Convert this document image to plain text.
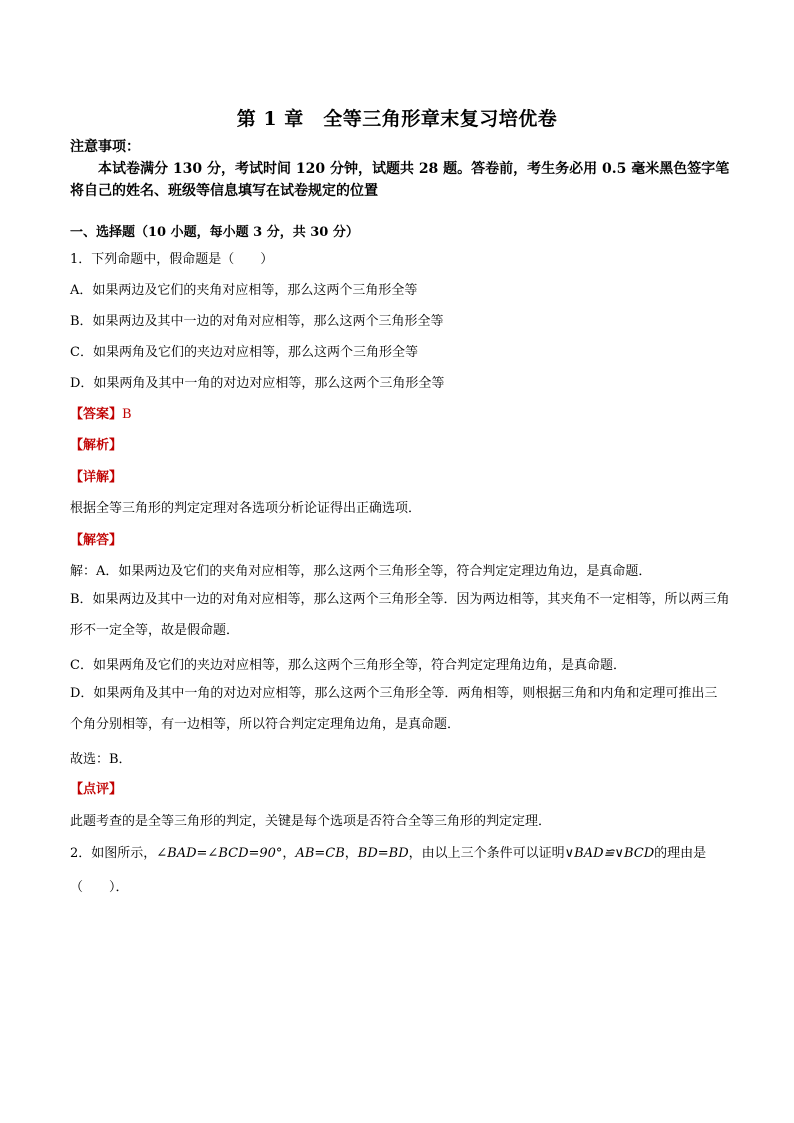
第 1 章　全等三角形章末复习培优卷
注意事项：
本试卷满分 130 分，考试时间 120 分钟，试题共 28 题。答卷前，考生务必用 0.5 毫米黑色签字笔将自己的姓名、班级等信息填写在试卷规定的位置
一、选择题（10 小题，每小题 3 分，共 30 分）
1．下列命题中，假命题是（　　）
A．如果两边及它们的夹角对应相等，那么这两个三角形全等
B．如果两边及其中一边的对角对应相等，那么这两个三角形全等
C．如果两角及它们的夹边对应相等，那么这两个三角形全等
D．如果两角及其中一角的对边对应相等，那么这两个三角形全等
【答案】B
【解析】
【详解】
根据全等三角形的判定定理对各选项分析论证得出正确选项．
【解答】
解：A．如果两边及它们的夹角对应相等，那么这两个三角形全等，符合判定定理边角边，是真命题．
B．如果两边及其中一边的对角对应相等，那么这两个三角形全等．因为两边相等，其夹角不一定相等，所以两三角形不一定全等，故是假命题．
C．如果两角及它们的夹边对应相等，那么这两个三角形全等，符合判定定理角边角，是真命题．
D．如果两角及其中一角的对边对应相等，那么这两个三角形全等．两角相等，则根据三角和内角和定理可推出三个角分别相等，有一边相等，所以符合判定定理角边角，是真命题．
故选：B．
【点评】
此题考查的是全等三角形的判定，关键是每个选项是否符合全等三角形的判定定理．
2．如图所示，∠BAD=∠BCD=90°，AB=CB，BD=BD，由以上三个条件可以证明∨BAD≌∨BCD的理由是
（　　）．
